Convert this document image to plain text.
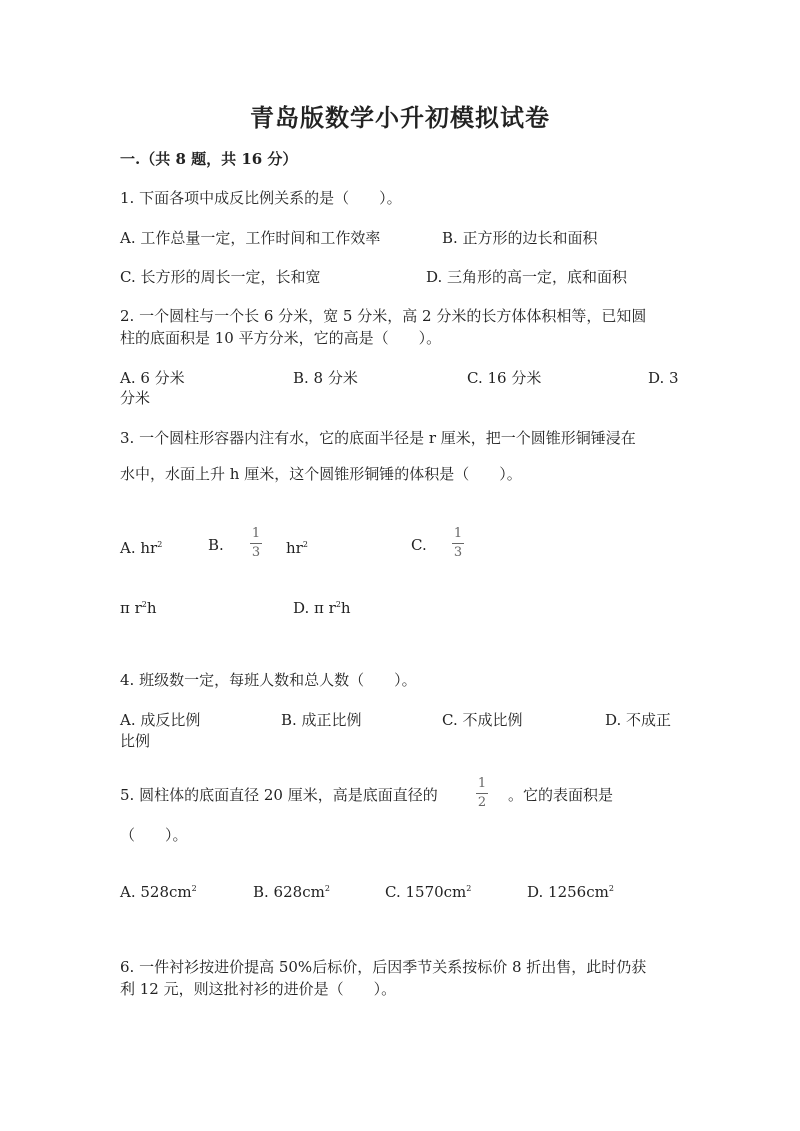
青岛版数学小升初模拟试卷
一.（共 8 题，共 16 分）
1. 下面各项中成反比例关系的是（　　）。
A. 工作总量一定，工作时间和工作效率	B. 正方形的边长和面积
C. 长方形的周长一定，长和宽	D. 三角形的高一定，底和面积
2. 一个圆柱与一个长 6 分米，宽 5 分米，高 2 分米的长方体体积相等，已知圆
柱的底面积是 10 平方分米，它的高是（　　）。
A. 6 分米	B. 8 分米	C. 16 分米	D. 3
分米
3. 一个圆柱形容器内注有水，它的底面半径是 r 厘米，把一个圆锥形铜锤浸在
水中，水面上升 h 厘米，这个圆锥形铜锤的体积是（　　）。
A. $hr^2$	B.
1
3 $hr^2$	C.
1
3
π $r^2h$	D. π $r^2h$
4. 班级数一定，每班人数和总人数（　　）。
A. 成反比例	B. 成正比例	C. 不成比例	D. 不成正
比例
5. 圆柱体的底面直径 20 厘米，高是底面直径的
1
2 。它的表面积是
（　　）。
A. $528cm^2$	B. $628cm^2$	C. $1570cm^2$	D. $1256cm^2$
6. 一件衬衫按进价提高 50%后标价，后因季节关系按标价 8 折出售，此时仍获
利 12 元，则这批衬衫的进价是（　　）。
